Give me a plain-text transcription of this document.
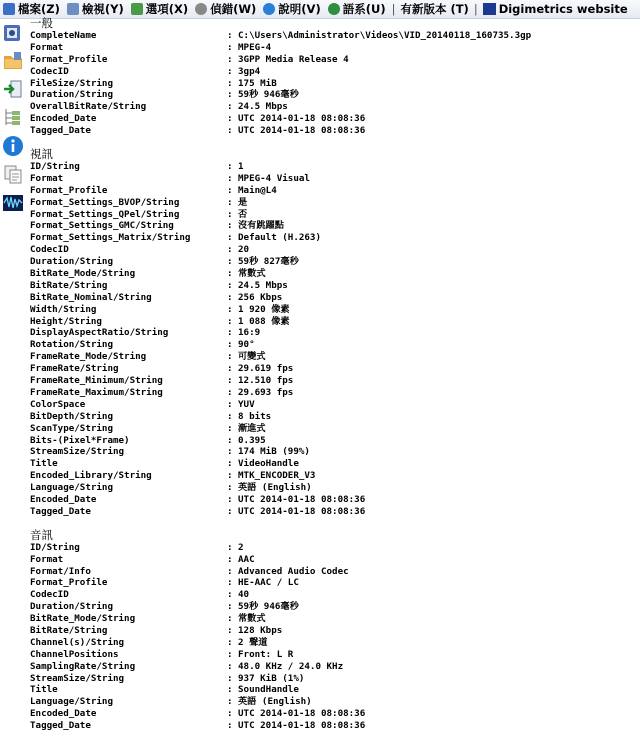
檔案(Z) 檢視(Y) 選項(X) 偵錯(W) 說明(V) 語系(U) | 有新版本 (T) | Digimetrics website
一般
CompleteName	: C:\Users\Administrator\Videos\VID_20140118_160735.3gp
Format	: MPEG-4
Format_Profile	: 3GPP Media Release 4
CodecID	: 3gp4
FileSize/String	: 175 MiB
Duration/String	: 59秒 946毫秒
OverallBitRate/String	: 24.5 Mbps
Encoded_Date	: UTC 2014-01-18 08:08:36
Tagged_Date	: UTC 2014-01-18 08:08:36
視訊
ID/String	: 1
Format	: MPEG-4 Visual
Format_Profile	: Main@L4
Format_Settings_BVOP/String	: 是
Format_Settings_QPel/String	: 否
Format_Settings_GMC/String	: 沒有跳躍點
Format_Settings_Matrix/String	: Default (H.263)
CodecID	: 20
Duration/String	: 59秒 827毫秒
BitRate_Mode/String	: 常數式
BitRate/String	: 24.5 Mbps
BitRate_Nominal/String	: 256 Kbps
Width/String	: 1 920 像素
Height/String	: 1 088 像素
DisplayAspectRatio/String	: 16:9
Rotation/String	: 90°
FrameRate_Mode/String	: 可變式
FrameRate/String	: 29.619 fps
FrameRate_Minimum/String	: 12.510 fps
FrameRate_Maximum/String	: 29.693 fps
ColorSpace	: YUV
BitDepth/String	: 8 bits
ScanType/String	: 漸進式
Bits-(Pixel*Frame)	: 0.395
StreamSize/String	: 174 MiB (99%)
Title	: VideoHandle
Encoded_Library/String	: MTK_ENCODER_V3
Language/String	: 英語 (English)
Encoded_Date	: UTC 2014-01-18 08:08:36
Tagged_Date	: UTC 2014-01-18 08:08:36
音訊
ID/String	: 2
Format	: AAC
Format/Info	: Advanced Audio Codec
Format_Profile	: HE-AAC / LC
CodecID	: 40
Duration/String	: 59秒 946毫秒
BitRate_Mode/String	: 常數式
BitRate/String	: 128 Kbps
Channel(s)/String	: 2 聲道
ChannelPositions	: Front: L R
SamplingRate/String	: 48.0 KHz / 24.0 KHz
StreamSize/String	: 937 KiB (1%)
Title	: SoundHandle
Language/String	: 英語 (English)
Encoded_Date	: UTC 2014-01-18 08:08:36
Tagged_Date	: UTC 2014-01-18 08:08:36
